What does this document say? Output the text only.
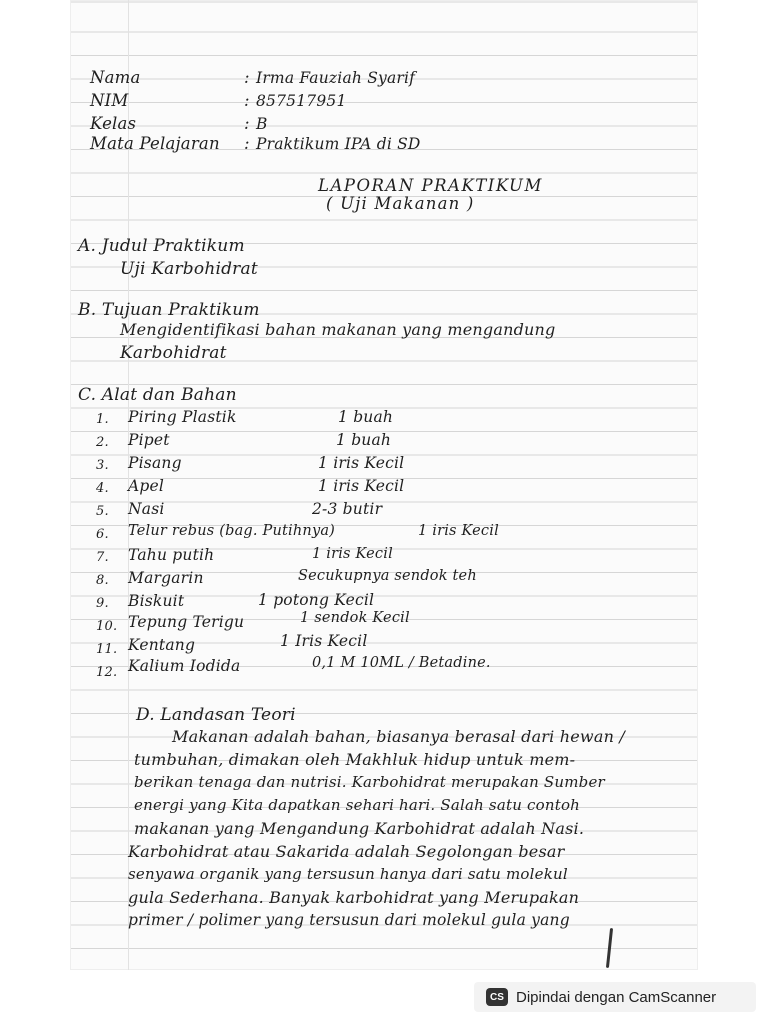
Nama	: Irma Fauziah Syarif
NIM	: 857517951
Kelas	: B
Mata Pelajaran : Praktikum IPA di SD
LAPORAN PRAKTIKUM
( Uji Makanan )
A. Judul Praktikum
Uji Karbohidrat
B. Tujuan Praktikum
Mengidentifikasi bahan makanan yang mengandung
Karbohidrat
C. Alat dan Bahan
1. Piring Plastik	1 buah
2. Pipet	1 buah
3. Pisang	1 iris Kecil
4. Apel	1 iris Kecil
5. Nasi	2-3 butir
6. Telur rebus (bag. Putihnya)	1 iris Kecil
7. Tahu putih	1 iris Kecil
8. Margarin	Secukupnya sendok teh
9. Biskuit	1 potong Kecil
10. Tepung Terigu	1 sendok Kecil
11. Kentang	1 Iris Kecil
12. Kalium Iodida	0,1 M 10ML / Betadine.
D. Landasan Teori
Makanan adalah bahan, biasanya berasal dari hewan /
tumbuhan, dimakan oleh Makhluk hidup untuk mem-
berikan tenaga dan nutrisi. Karbohidrat merupakan Sumber
energi yang Kita dapatkan sehari hari. Salah satu contoh
makanan yang Mengandung Karbohidrat adalah Nasi.
Karbohidrat atau Sakarida adalah Segolongan besar
senyawa organik yang tersusun hanya dari satu molekul
gula Sederhana. Banyak karbohidrat yang Merupakan
primer / polimer yang tersusun dari molekul gula yang
CS Dipindai dengan CamScanner
